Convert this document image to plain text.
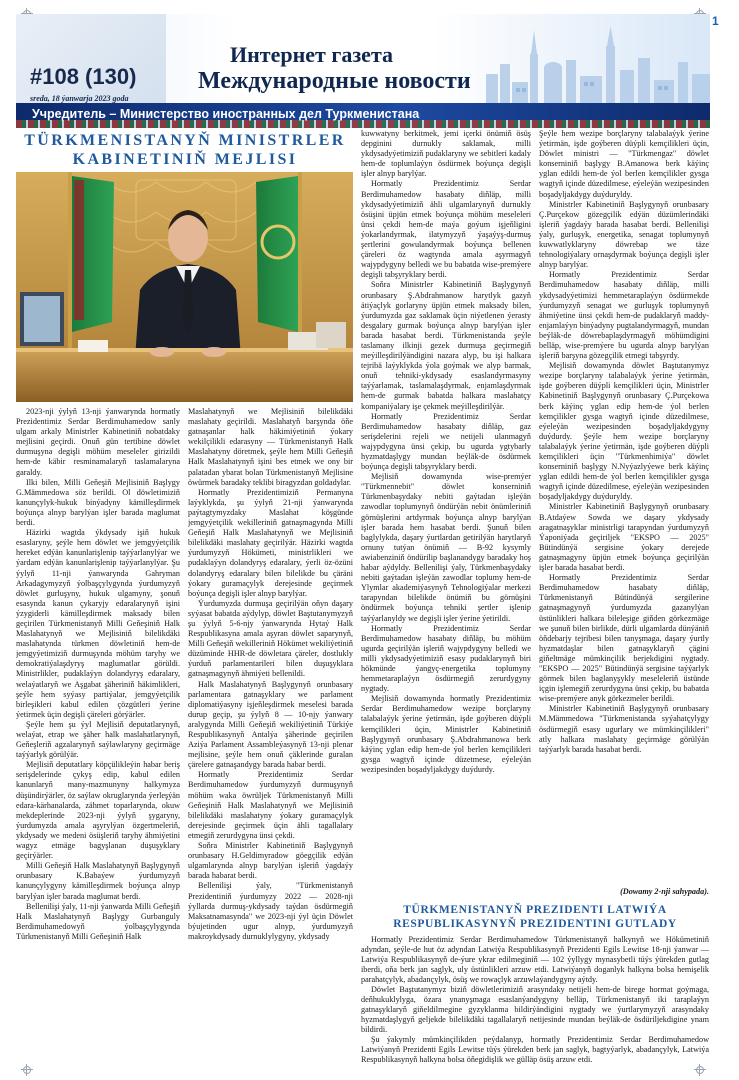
1
#108 (130)
sreda, 18 ýanwarja 2023 goda
Интернет газета
Международные новости
Учредитель – Министерство иностранных дел Туркменистана
TÜRKMENISTANYŇ MINISTRLER
KABINETINIŇ MEJLISI

2023-nji ýylyň 13-nji ýanwarynda hormatly Prezidentimiz Serdar Berdimuhamedow sanly ulgam arkaly Ministrler Kabinetiniň nobatdaky mejlisini geçirdi. Onuň gün tertibine döwlet durmuşyna degişli möhüm meseleler girizildi hem-de käbir resminamalaryň taslamalaryna garaldy.

Ilki bilen, Milli Geňeşiň Mejlisiniň Başlygy G.Mämmedowa söz berildi. Ol döwletimiziň kanunçylyk-hukuk binýadyny kämilleşdirmek boýunça alnyp barylýan işler barada maglumat berdi.

Häzirki wagtda ýkdysady işiň hukuk esaslaryny, şeýle hem döwlet we jemgyýetçilik hereket edýän kanunlarişlenip taýýarlanylýar we ýardam edýän kanunlarişlenip taýýarlanylýar. Şu ýylyň 11-nji ýanwarynda Gahryman Arkadagymyzyň ýolbaşçylygynda ýurdumyzyň döwlet gurluşyny, hukuk ulgamyny, şonuň esasynda kanun çykaryjy edaralarynyň işini ýzygiderli kämilleşdirmek maksady bilen geçirilen Türkmenistanyň Milli Geňeşiniň Halk Maslahatynyň we Mejlisiniň bilelikdäki maslahatynda türkmen döwletiniň hem-de jemgyýetimiziň durmuşynda möhüm taryhy we demokratiýalaşdyryş maglumatlar görüldi. Ministrlikler, pudaklaýyn dolandyryş edaralary, welaýatlaryň we Aşgabat şäheriniň häkimlikleri, şeýle hem syýasy partiýalar, jemgyýetçilik birleşikleri kabul edilen çözgütleri ýerine ýetirmek üçin degişli çäreleri görýärler.

Şeýle hem şu ýyl Mejlisiň deputatlarynyň, welaýat, etrap we şäher halk maslahatlarynyň, Geňeşleriň agzalarynyň saýlawlaryny geçirmäge taýýarlyk görülýär.

Mejlisiň deputatlary köpçülikleýin habar beriş serişdelerinde çykyş edip, kabul edilen kanunlaryň many-mazmunyny halkymyza düşündirýärler, öz saýlaw okruglarynda ýerleşýän edara-kärhanalarda, zähmet toparlarynda, okuw mekdeplerinde 2023-nji ýylyň şygaryny, ýurdumyzda amala aşyrylýan özgertmeleriň, ykdysady we medeni ösüşleriň taryhy ähmiýetini wagyz etmäge bagyşlanan duşuşyklary geçirýärler.

Milli Geňeşiň Halk Maslahatynyň Başlygynyň orunbasary K.Babaýew ýurdumyzyň kanunçylygyny kämilleşdirmek boýunça alnyp barylýan işler barada maglumat berdi.

Bellenilişi ýaly, 11-nji ýanwarda Milli Geňeşiň Halk Maslahatynyň Başlygy Gurbanguly Berdimuhamedowyň ýolbaşçylygynda Türkmenistanyň Milli Geňeşiniň Halk

Maslahatynyň we Mejlisiniň bilelikdäki maslahaty geçirildi. Maslahatyň barşynda öňe gatnaşanlar halk häkimiýetiniň ýokary wekilçilikli edarasyny — Türkmenistanyň Halk Maslahatyny döretmek, şeýle hem Milli Geňeşiň Halk Maslahatynyň işini bes etmek we ony bir palatadan ybarat bolan Türkmenistanyň Mejlisine öwürmek baradaky teklibi biragyzdan goldadylar.

Hormatly Prezidentimiziň Permanyna laýyklykda, şu ýylyň 21-nji ýanwarynda paýtagtymyzdaky Maslahat köşgünde jemgyýetçilik wekilleriniň gatnaşmagynda Milli Geňeşiň Halk Maslahatynyň we Mejlisiniň bilelikdäki maslahaty geçirilýär. Häzirki wagtda ýurdumyzyň Hökümeti, ministrlikleri we pudaklaýyn dolandyryş edaralary, ýerli öz-özüni dolandyryş edaralary bilen bilelikde bu çäräni ýokary guramaçylyk derejesinde geçirmek boýunça degişli işler alnyp barylýar.

Ýurdumyzda durmuşa geçirilýän oňyn daşary syýasat babatda aýdylyp, döwlet Baştutanymyzyň şu ýylyň 5-6-njy ýanwarynda Hytaý Halk Respublikasyna amala aşyran döwlet saparynyň, Milli Geňeşiň wekilleriniň Hökümet wekiliýetiniň düzüminde HHR-de döwletara çäreler, dostlukly ýurduň parlamentarileri bilen duşuşyklara gatnaşmagynyň ähmiýeti bellenildi.

Halk Maslahatynyň Başlygynyň orunbasary parlamentara gatnaşyklary we parlament diplomatiýasyny işjeňleşdirmek meselesi barada durup geçip, şu ýylyň 8 — 10-njy ýanwary aralygynda Milli Geňeşiň wekiliýetiniň Türkiýe Respublikasynyň Antalýa şäherinde geçirilen Aziýa Parlament Assambleýasynyň 13-nji plenar mejlisine, şeýle hem onuň çäklerinde guralan çärelere gatnaşandygy barada habar berdi.

Hormatly Prezidentimiz Serdar Berdimuhamedow ýurdumyzyň durmuşynyň möhüm waka öwrüljek Türkmenistanyň Milli Geňeşiniň Halk Maslahatynyň we Mejlisiniň bilelikdäki maslahatyny ýokary guramaçylyk derejesinde geçirmek üçin ähli tagallalary etmegiň zerurdygyna ünsi çekdi.

Soňra Ministrler Kabinetiniň Başlygynyň orunbasary H.Geldimyradow göegçilik edýän ulgamlarynda alnyp barylýan işleriň ýagdaýy barada habarat berdi.

Bellenilişi ýaly, "Türkmenistanyň Prezidentiniň ýurdumyzy 2022 — 2028-nji ýyllarda durmuş-ykdysady taýdan ösdürmegiň Maksatnamasynda" we 2023-nji ýyl üçin Döwlet býujetinden ugur alnyp, ýurdumyzyň makroykdysady durnuklylygyny, ykdysady

kuwwatyny berkitmek, jemi içerki önümiň ösüş depginini durnukly saklamak, milli ykdysadyýetimiziň pudaklaryny we sebitleri kadaly hem-de toplumlaýyn ösdürmek boýunça degişli işler alnyp barylýar.

Hormatly Prezidentimiz Serdar Berdimuhamedow hasabaty diňläp, milli ykdysadyýetimiziň ähli ulgamlarynyň durnukly ösüşini üpjün etmek boýunça möhüm meseleleri ünsi çekdi hem-de maýa goýum işjeňligini ýokarlandyrmak, ilatymyzyň ýaşaýyş-durmuş şertlerini gowulandyrmak boýunça bellenen çäreleri öz wagtynda amala aşyrmagyň wajypdygyny belledi we bu babatda wise-premýere degişli tabşyryklary berdi.

Soňra Ministrler Kabinetiniň Başlygynyň orunbasary Ş.Abdrahmanow harytlyk gazyň ätiýaçlyk gorlaryny üpjün etmek maksady bilen, ýurdumyzda gaz saklamak üçin niýetlenen ýerasty desgalary gurmak boýunça alnyp barylýan işler barada hasabat berdi. Türkmenistanda şeýle taslamany ilkinji gezek durmuşa geçirmegiň meýilleşdirilýändigini nazara alyp, bu işi halkara tejribä laýyklykda ýola goýmak we alyp barmak, onuň tehniki-ykdysady esaslandyrmasyny taýýarlamak, taslamalaşdyrmak, enjamlaşdyrmak hem-de gurmak babatda halkara maslahatçy kompaniýalary işe çekmek meýilleşdirilýär.

Hormatly Prezidentimiz Serdar Berdimuhamedow hasabaty diňläp, gaz serişdelerini rejeli we netijeli ulanmagyň wajypdygyna ünsi çekip, bu ugurda ygtybarly hyzmatdaşlygy mundan beýläk-de ösdürmek boýunça degişli tabşyryklary berdi.

Mejlisiň dowamynda wise-premýer "Türkmennebit" döwlet konserniniň Türkmenbaşydaky nebiti gaýtadan işleýän zawodlar toplumynyň öndürýän nebit önümleriniň görnüşlerini artdyrmak boýunça alnyp barylýan işler barada hem hasabat berdi. Şunuň bilen baglylykda, daşary ýurtlardan getirilýän harytlaryň ornuny tutýan önümiň — B-92 kysymly awiabenziniň öndürilip başlanandygy baradaky hoş habar aýdyldy. Bellenilişi ýaly, Türkmenbaşydaky nebiti gaýtadan işleýän zawodlar toplumy hem-de Ylymlar akademiýasynyň Tehnologiýalar merkezi tarapyndan bilelikde önümiň bu görnüşini öndürmek boýunça tehniki şertler işlenip taýýarlanyldy we degişli işler ýerine ýetirildi.

Hormatly Prezidentimiz Serdar Berdimuhamedow hasabaty diňläp, bu möhüm ugurda geçirilýän işleriň wajypdygyny belledi we milli ykdysadyýetimiziň esasy pudaklarynyň biri hökmünde ýangyç-energetika toplumyny hemmetaraplaýyn ösdürmegiň zerurdygyny nygtady.

Mejlisiň dowamynda hormatly Prezidentimiz Serdar Berdimuhamedow wezipe borçlaryny talabalaýyk ýerine ýetirmän, işde goýberen düýpli kemçilikleri üçin, Ministrler Kabinetiniň Başlygynyň orunbasary Ş.Abdrahmanowa berk käýinç yglan edip hem-de ýol berlen kemçilikleri gysga wagtyň içinde düzetmese, eýeleýän wezipesinden boşadyljakdygy duýdurdy.

Şeýle hem wezipe borçlaryny talabalaýyk ýerine ýetirmän, işde goýberen düýpli kemçilikleri üçin, Döwlet ministri — "Türkmengaz" döwlet konserniniň başlygy B.Amanowa berk käýinç yglan edildi hem-de ýol berlen kemçilikler gysga wagtyň içinde düzedilmese, eýeleýän wezipesinden boşadyljakdygy duýduryldy.

Ministrler Kabinetiniň Başlygynyň orunbasary Ç.Purçekow gözegçilik edýän düzümlerindäki işleriň ýagdaýy barada hasabat berdi. Bellenilişi ýaly, gurluşyk, energetika, senagat toplumynyň kuwwatlyklaryny döwrebap we täze tehnologiýalary ornaşdyrmak boýunça degişli işler alnyp barylýar.

Hormatly Prezidentimiz Serdar Berdimuhamedow hasabaty diňläp, milli ykdysadyýetimizi hemmetaraplaýyn ösdürmekde ýurdumyzyň senagat we gurluşyk toplumynyň ähmiýetine ünsi çekdi hem-de pudaklaryň maddy-enjamlaýyn binýadyny pugtalandyrmagyň, mundan beýläk-de döwrebaplaşdyrmagyň möhümdigini belläp, wise-premýere bu ugurda alnyp barylýan işleriň barşyna gözegçilik etmegi tabşyrdy.

Mejlisiň dowamynda döwlet Baştutanymyz wezipe borçlaryny talabalaýyk ýerine ýetirmän, işde goýberen düýpli kemçilikleri üçin, Ministrler Kabinetiniň Başlygynyň orunbasary Ç.Purçekowa berk käýinç yglan edip hem-de ýol berlen kemçilikler gysga wagtyň içinde düzedilmese, eýeleýän wezipesinden boşadyljakdygyny duýdurdy. Şeýle hem wezipe borçlaryny talabalaýyk ýerine ýetirmän, işde goýberen düýpli kemçilikleri üçin "Türkmenhimiýa" döwlet konserniniň başlygy N.Nyýazlyýewe berk käýinç yglan edildi hem-de ýol berlen kemçilikler gysga wagtyň içinde düzedilmese, eýeleýän wezipesinden boşadyljakdygy duýduryldy.

Ministrler Kabinetiniň Başlygynyň orunbasary B.Atdaýew Sowda we daşary ykdysady aragatnaşyklar ministrligi tarapyndan ýurdumyzyň Ýaponiýada geçiriljek "EKSPO — 2025" Bütindünýä sergisine ýokary derejede gatnaşmagyny üpjün etmek boýunça geçirilýän işler barada hasabat berdi.

Hormatly Prezidentimiz Serdar Berdimuhamedow hasabaty diňläp, Türkmenistanyň Bütindünýä sergilerine gatnaşmagynyň ýurdumyzda gazanylýan üstünlikleri halkara bileleşige giňden görkezmäge we şunuň bilen birlikde, dürli ulgamlarda dünýäniň öňdebarjy tejribesi bilen tanyşmaga, daşary ýurtly hyzmatdaşlar bilen gatnaşyklaryň çägini giňeltmäge mümkinçilik berjekdigini nygtady. "EKSPO — 2025" Bütindünýä sergisine taýýarlyk görmek bilen baglanyşykly meseleleriň üstünde içgin işlemegiň zerurdygyna ünsi çekip, bu babatda wise-premýere anyk görkezmeler berildi.

Ministrler Kabinetiniň Başlygynyň orunbasary M.Mämmedowa "Türkmenistanda syýahatçylygy ösdürmegiň esasy ugurlary we mümkinçilikleri" atly halkara maslahaty geçirmäge görülýän taýýarlyk barada hasabat berdi.

(Dowamy 2-nji sahypada).
TÜRKMENISTANYŇ PREZIDENTI LATWIÝA
RESPUBLIKASYNYŇ PREZIDENTINI GUTLADY

Hormatly Prezidentimiz Serdar Berdimuhamedow Türkmenistanyň halkynyň we Hökümetiniň adyndan, şeýle-de hut öz adyndan Latwiýa Respublikasynyň Prezidenti Egils Lewitse 18-nji ýanwar — Latwiýa Respublikasynyň de-ýure ykrar edilmeginiň — 102 ýyllygy mynasybetli tüýs ýürekden gutlag iberdi, oňa berk jan saglyk, uly üstünlikleri arzuw etdi. Latwiýanyň doganlyk halkyna bolsa hemişelik parahatçylyk, abadançylyk, ösüş we rowaçlyk arzuwlaýandygyny aýtdy.

Döwlet Baştutanymyz biziň döwletlerimiziň arasyndaky netijeli hem-de birege hormat goýmaga, deňhukuklylyga, özara ynanyşmaga esaslanýandygyny belläp, Türkmenistanyň iki taraplaýyn gatnaşyklaryň giňeldilmegine gyzyklanma bildirýändigini nygtady we ýurtlarymyzyň arasyndaky hyzmatdaşlygyň geljekde bilelikdäki tagallalaryň netijesinde mundan beýläk-de ösdüriljekdigine ynam bildirdi.

Şu ýakymly mümkinçilikden peýdalanyp, hormatly Prezidentimiz Serdar Berdimuhamedow Latwiýanyň Prezidenti Egils Lewitse tüýs ýürekden berk jan saglyk, bagtyýarlyk, abadançylyk, Latwiýa Respublikasynyň halkyna bolsa öňegidişlik we gülläp ösüş arzuw etdi.
